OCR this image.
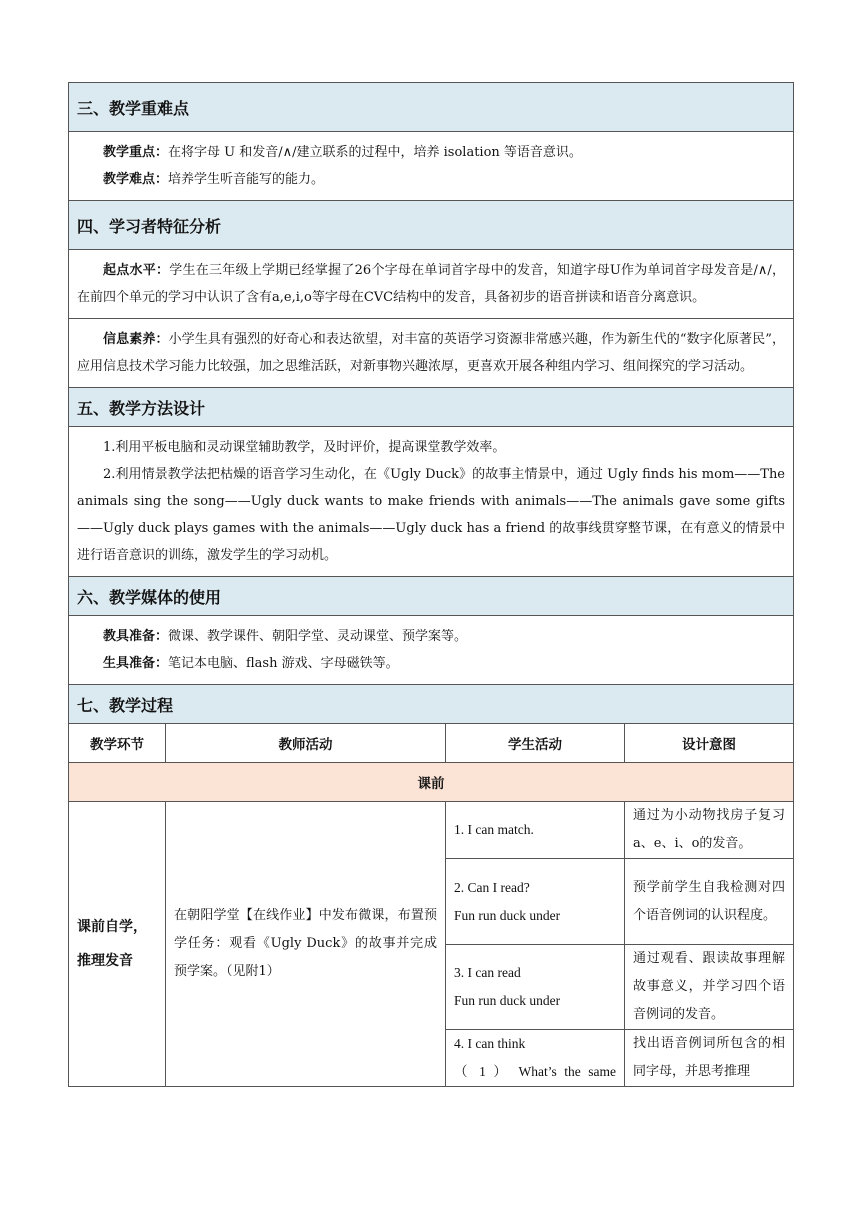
三、教学重难点			

教学重点：在将字母 U 和发音/∧/建立联系的过程中，培养 isolation 等语音意识。

教学难点：培养学生听音能写的能力。			

四、学习者特征分析			

起点水平：学生在三年级上学期已经掌握了26个字母在单词首字母中的发音，知道字母U作为单词首字母发音是/∧/，在前四个单元的学习中认识了含有a,e,i,o等字母在CVC结构中的发音，具备初步的语音拼读和语音分离意识。			

信息素养：小学生具有强烈的好奇心和表达欲望，对丰富的英语学习资源非常感兴趣，作为新生代的“数字化原著民”，应用信息技术学习能力比较强，加之思维活跃，对新事物兴趣浓厚，更喜欢开展各种组内学习、组间探究的学习活动。			

五、教学方法设计			

1.利用平板电脑和灵动课堂辅助教学，及时评价，提高课堂教学效率。

2.利用情景教学法把枯燥的语音学习生动化，在《Ugly Duck》的故事主情景中，通过 Ugly finds his mom——The animals sing the song——Ugly duck wants to make friends with animals——The animals gave some gifts——Ugly duck plays games with the animals——Ugly duck has a friend 的故事线贯穿整节课，在有意义的情景中进行语音意识的训练，激发学生的学习动机。			

六、教学媒体的使用			

教具准备：微课、教学课件、朝阳学堂、灵动课堂、预学案等。

生具准备：笔记本电脑、flash 游戏、字母磁铁等。			

七、教学过程			
教学环节	教师活动	学生活动	设计意图
课前			
课前自学，推理发音	在朝阳学堂【在线作业】中发布微课，布置预学任务：观看《Ugly Duck》的故事并完成预学案。（见附1）	1. I can match.	通过为小动物找房子复习a、e、i、o的发音。

		2. Can I read?
Fun run duck under	预学前学生自我检测对四个语音例词的认识程度。

		3. I can read
Fun run duck under	通过观看、跟读故事理解故事意义，并学习四个语音例词的发音。

		4. I can think
（ 1 ） What’s the same	找出语音例词所包含的相同字母，并思考推理
